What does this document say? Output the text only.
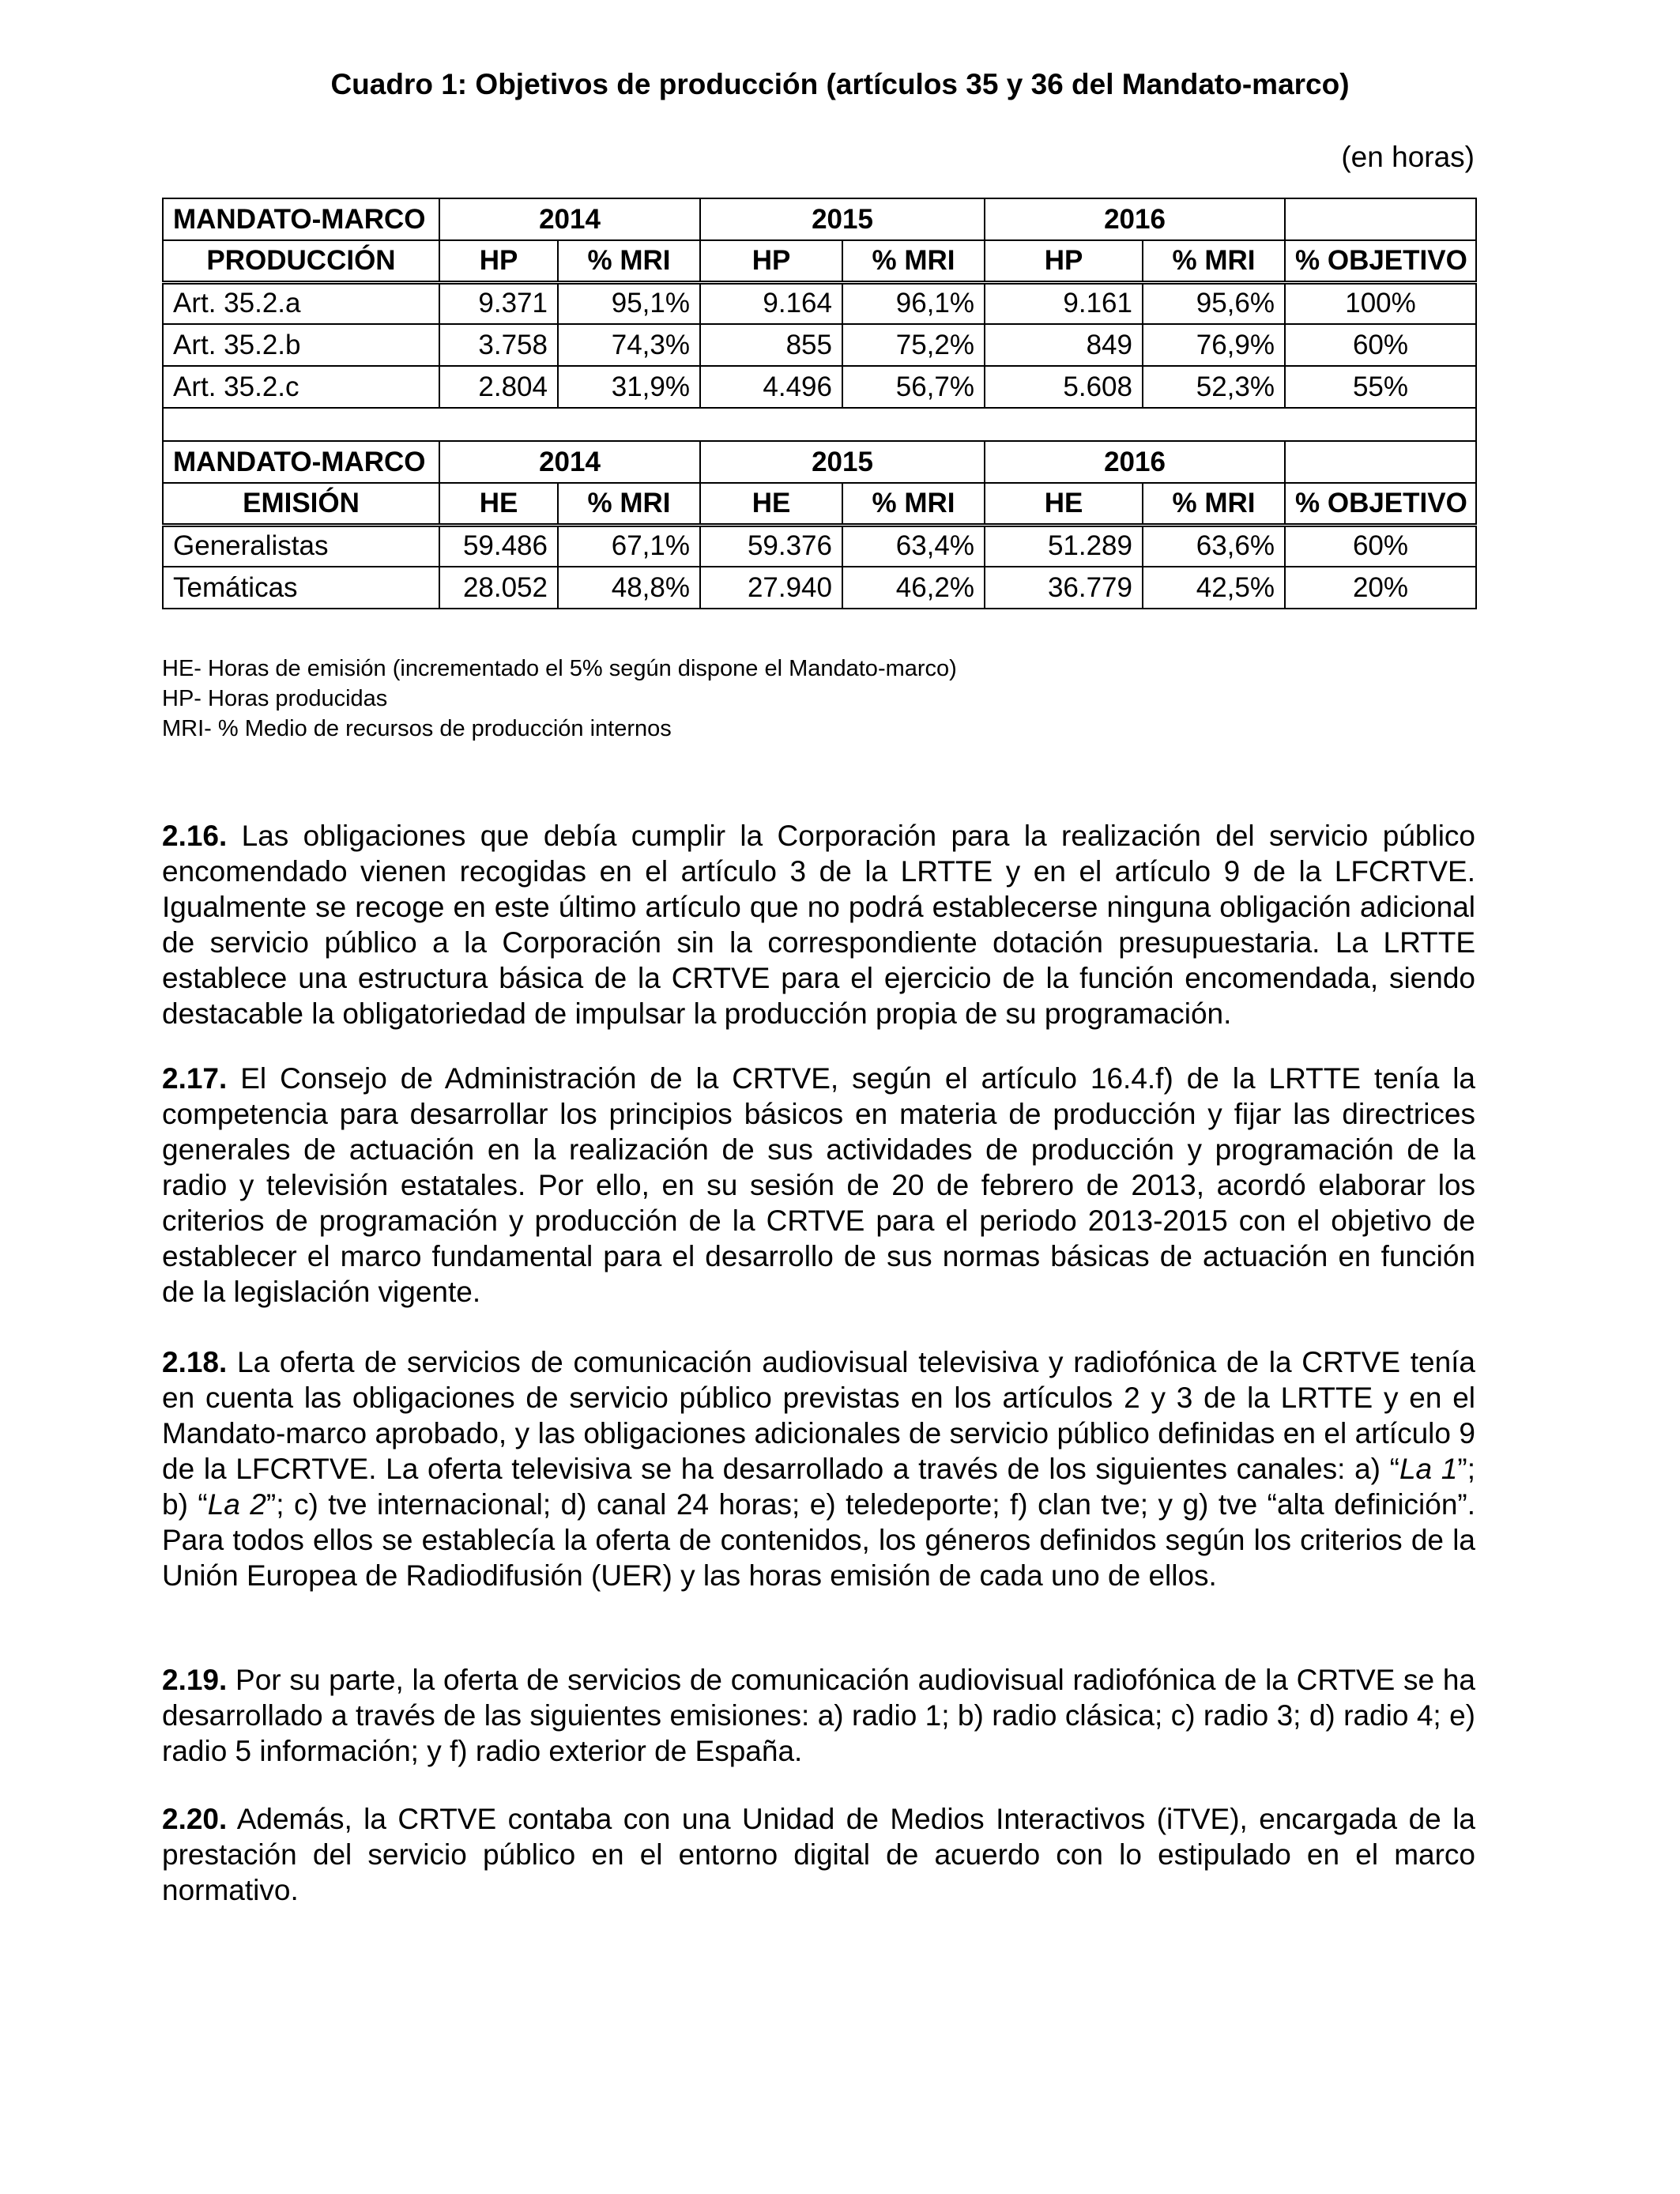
Cuadro 1: Objetivos de producción (artículos 35 y 36 del Mandato-marco)
(en horas)
MANDATO-MARCO	2014		2015		2016		
PRODUCCIÓN	HP	% MRI	HP	% MRI	HP	% MRI	% OBJETIVO
Art. 35.2.a	9.371	95,1%	9.164	96,1%	9.161	95,6%	100%
Art. 35.2.b	3.758	74,3%	855	75,2%	849	76,9%	60%
Art. 35.2.c	2.804	31,9%	4.496	56,7%	5.608	52,3%	55%

MANDATO-MARCO	2014		2015		2016		
EMISIÓN	HE	% MRI	HE	% MRI	HE	% MRI	% OBJETIVO
Generalistas	59.486	67,1%	59.376	63,4%	51.289	63,6%	60%
Temáticas	28.052	48,8%	27.940	46,2%	36.779	42,5%	20%
HE- Horas de emisión (incrementado el 5% según dispone el Mandato-marco)
HP- Horas producidas
MRI- % Medio de recursos de producción internos

2.16. Las obligaciones que debía cumplir la Corporación para la realización del servicio público encomendado vienen recogidas en el artículo 3 de la LRTTE y en el artículo 9 de la LFCRTVE. Igualmente se recoge en este último artículo que no podrá establecerse ninguna obligación adicional de servicio público a la Corporación sin la correspondiente dotación presupuestaria. La LRTTE establece una estructura básica de la CRTVE para el ejercicio de la función encomendada, siendo destacable la obligatoriedad de impulsar la producción propia de su programación.

2.17. El Consejo de Administración de la CRTVE, según el artículo 16.4.f) de la LRTTE tenía la competencia para desarrollar los principios básicos en materia de producción y fijar las directrices generales de actuación en la realización de sus actividades de producción y programación de la radio y televisión estatales. Por ello, en su sesión de 20 de febrero de 2013, acordó elaborar los criterios de programación y producción de la CRTVE para el periodo 2013-2015 con el objetivo de establecer el marco fundamental para el desarrollo de sus normas básicas de actuación en función de la legislación vigente.

2.18. La oferta de servicios de comunicación audiovisual televisiva y radiofónica de la CRTVE tenía en cuenta las obligaciones de servicio público previstas en los artículos 2 y 3 de la LRTTE y en el Mandato-marco aprobado, y las obligaciones adicionales de servicio público definidas en el artículo 9 de la LFCRTVE. La oferta televisiva se ha desarrollado a través de los siguientes canales: a) “La 1”; b) “La 2”; c) tve internacional; d) canal 24 horas; e) teledeporte; f) clan tve; y g) tve “alta definición”. Para todos ellos se establecía la oferta de contenidos, los géneros definidos según los criterios de la Unión Europea de Radiodifusión (UER) y las horas emisión de cada uno de ellos.

2.19. Por su parte, la oferta de servicios de comunicación audiovisual radiofónica de la CRTVE se ha desarrollado a través de las siguientes emisiones: a) radio 1; b) radio clásica; c) radio 3; d) radio 4; e) radio 5 información; y f) radio exterior de España.

2.20. Además, la CRTVE contaba con una Unidad de Medios Interactivos (iTVE), encargada de la prestación del servicio público en el entorno digital de acuerdo con lo estipulado en el marco normativo.
